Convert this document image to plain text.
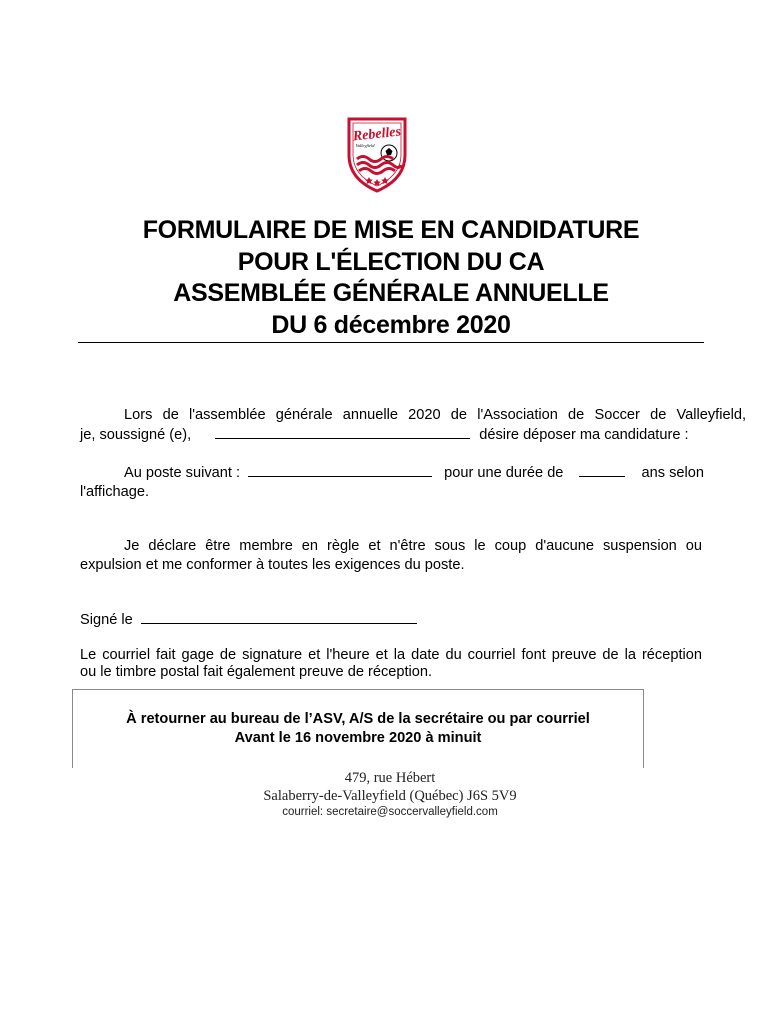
Rebelles
Valleyfield
FORMULAIRE DE MISE EN CANDIDATURE
POUR L'ÉLECTION DU CA
ASSEMBLÉE GÉNÉRALE ANNUELLE
DU 6 décembre 2020
Lors de l'assemblée générale annuelle 2020 de l'Association de Soccer de Valleyfield,
je, soussigné (e),	désire déposer ma candidature :
Au poste suivant :	pour une durée de	ans selon
l'affichage.
Je déclare être membre en règle et n'être sous le coup d'aucune suspension ou
expulsion et me conformer à toutes les exigences du poste.
Signé le
Le courriel fait gage de signature et l'heure et la date du courriel font preuve de la réception
ou le timbre postal fait également preuve de réception.
À retourner au bureau de l’ASV, A/S de la secrétaire ou par courriel
Avant le 16 novembre 2020 à minuit
479, rue Hébert
Salaberry-de-Valleyfield (Québec) J6S 5V9
courriel: secretaire@soccervalleyfield.com
